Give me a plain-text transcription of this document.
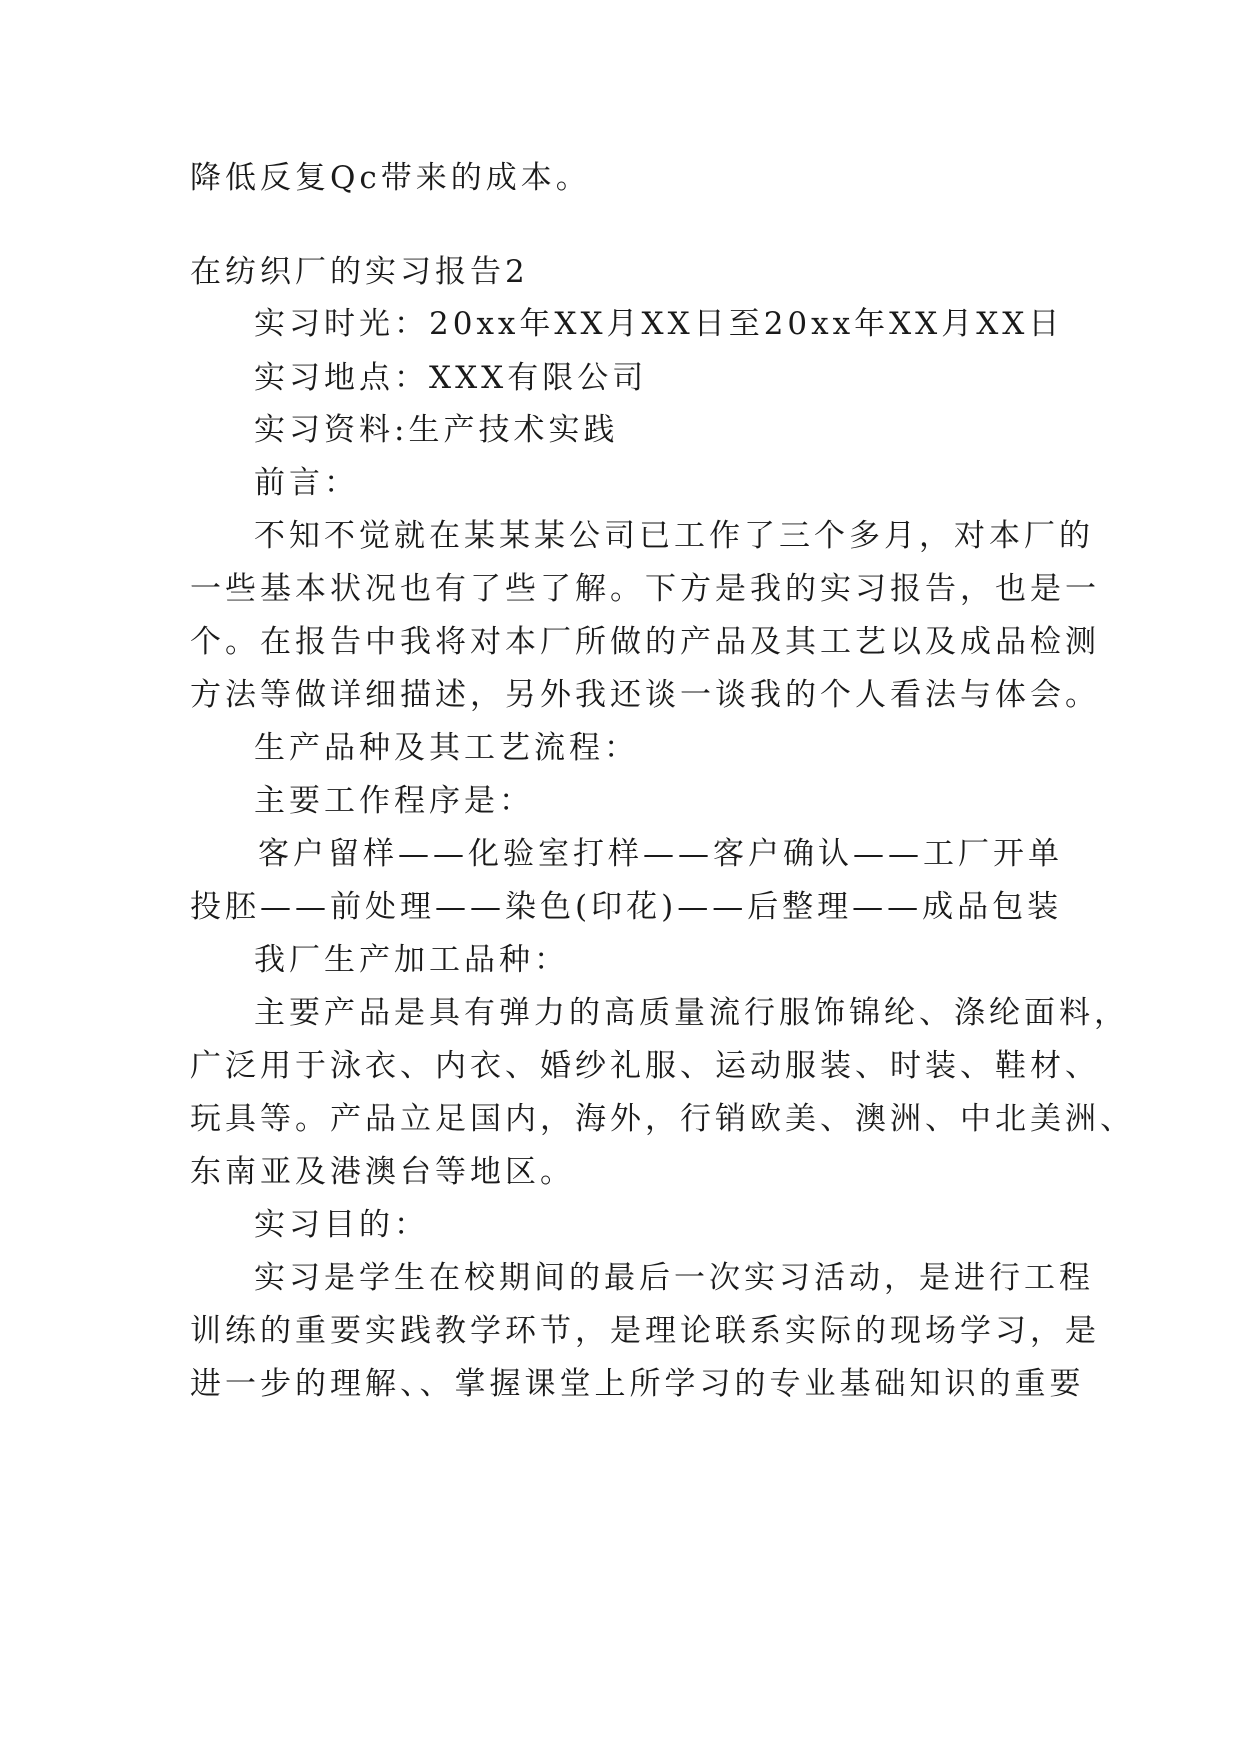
降低反复Qc带来的成本。
在纺织厂的实习报告2
实习时光：20xx年XX月XX日至20xx年XX月XX日
实习地点：XXX有限公司
实习资料:生产技术实践
前言：
不知不觉就在某某某公司已工作了三个多月，对本厂的
一些基本状况也有了些了解。下方是我的实习报告，也是一
个。在报告中我将对本厂所做的产品及其工艺以及成品检测
方法等做详细描述，另外我还谈一谈我的个人看法与体会。
生产品种及其工艺流程：
主要工作程序是：
客户留样——化验室打样——客户确认——工厂开单
投胚——前处理——染色(印花)——后整理——成品包装
我厂生产加工品种：
主要产品是具有弹力的高质量流行服饰锦纶、涤纶面料，
广泛用于泳衣、内衣、婚纱礼服、运动服装、时装、鞋材、
玩具等。产品立足国内，海外，行销欧美、澳洲、中北美洲、
东南亚及港澳台等地区。
实习目的：
实习是学生在校期间的最后一次实习活动，是进行工程
训练的重要实践教学环节，是理论联系实际的现场学习，是
进一步的理解、、掌握课堂上所学习的专业基础知识的重要
